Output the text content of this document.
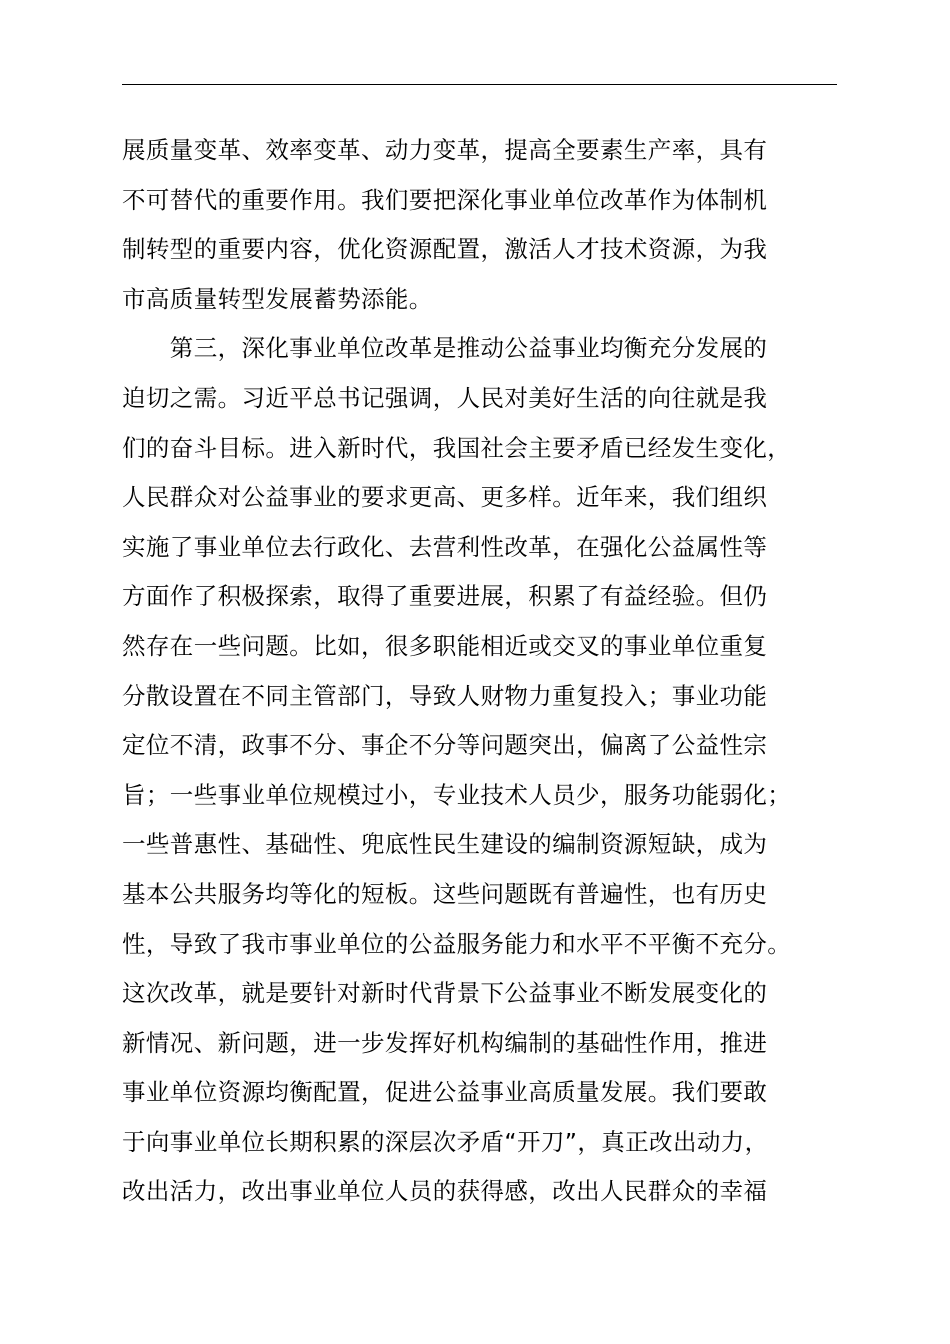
展质量变革、效率变革、动力变革，提高全要素生产率，具有
不可替代的重要作用。我们要把深化事业单位改革作为体制机
制转型的重要内容，优化资源配置，激活人才技术资源，为我
市高质量转型发展蓄势添能。
　　第三，深化事业单位改革是推动公益事业均衡充分发展的
迫切之需。习近平总书记强调，人民对美好生活的向往就是我
们的奋斗目标。进入新时代，我国社会主要矛盾已经发生变化，
人民群众对公益事业的要求更高、更多样。近年来，我们组织
实施了事业单位去行政化、去营利性改革，在强化公益属性等
方面作了积极探索，取得了重要进展，积累了有益经验。但仍
然存在一些问题。比如，很多职能相近或交叉的事业单位重复
分散设置在不同主管部门，导致人财物力重复投入；事业功能
定位不清，政事不分、事企不分等问题突出，偏离了公益性宗
旨；一些事业单位规模过小，专业技术人员少，服务功能弱化；
一些普惠性、基础性、兜底性民生建设的编制资源短缺，成为
基本公共服务均等化的短板。这些问题既有普遍性，也有历史
性，导致了我市事业单位的公益服务能力和水平不平衡不充分。
这次改革，就是要针对新时代背景下公益事业不断发展变化的
新情况、新问题，进一步发挥好机构编制的基础性作用，推进
事业单位资源均衡配置，促进公益事业高质量发展。我们要敢
于向事业单位长期积累的深层次矛盾“开刀”，真正改出动力，
改出活力，改出事业单位人员的获得感，改出人民群众的幸福
